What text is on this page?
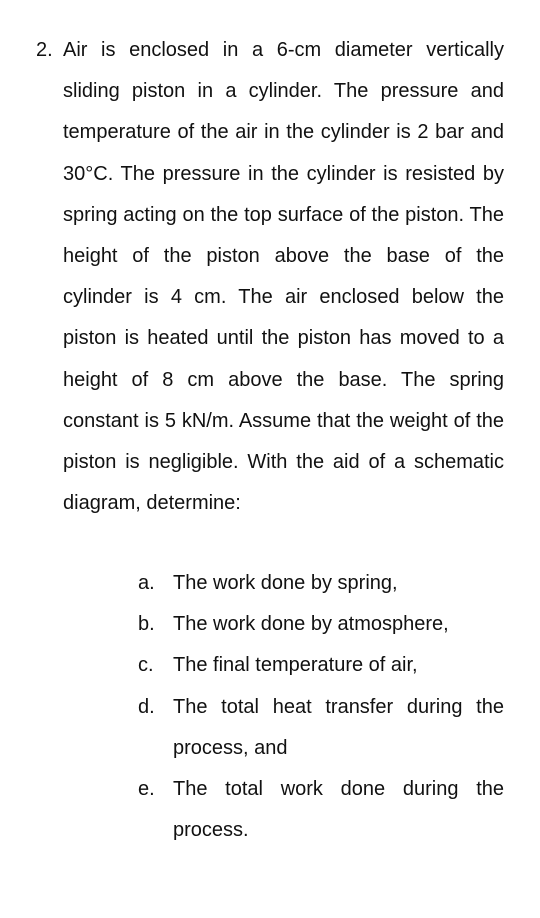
2. Air is enclosed in a 6-cm diameter vertically sliding piston in a cylinder. The pressure and temperature of the air in the cylinder is 2 bar and 30°C. The pressure in the cylinder is resisted by spring acting on the top surface of the piston. The height of the piston above the base of the cylinder is 4 cm. The air enclosed below the piston is heated until the piston has moved to a height of 8 cm above the base. The spring constant is 5 kN/m. Assume that the weight of the piston is negligible. With the aid of a schematic diagram, determine:

a. The work done by spring,
b. The work done by atmosphere,
c. The final temperature of air,
d. The total heat transfer during the process, and
e. The total work done during the process.
